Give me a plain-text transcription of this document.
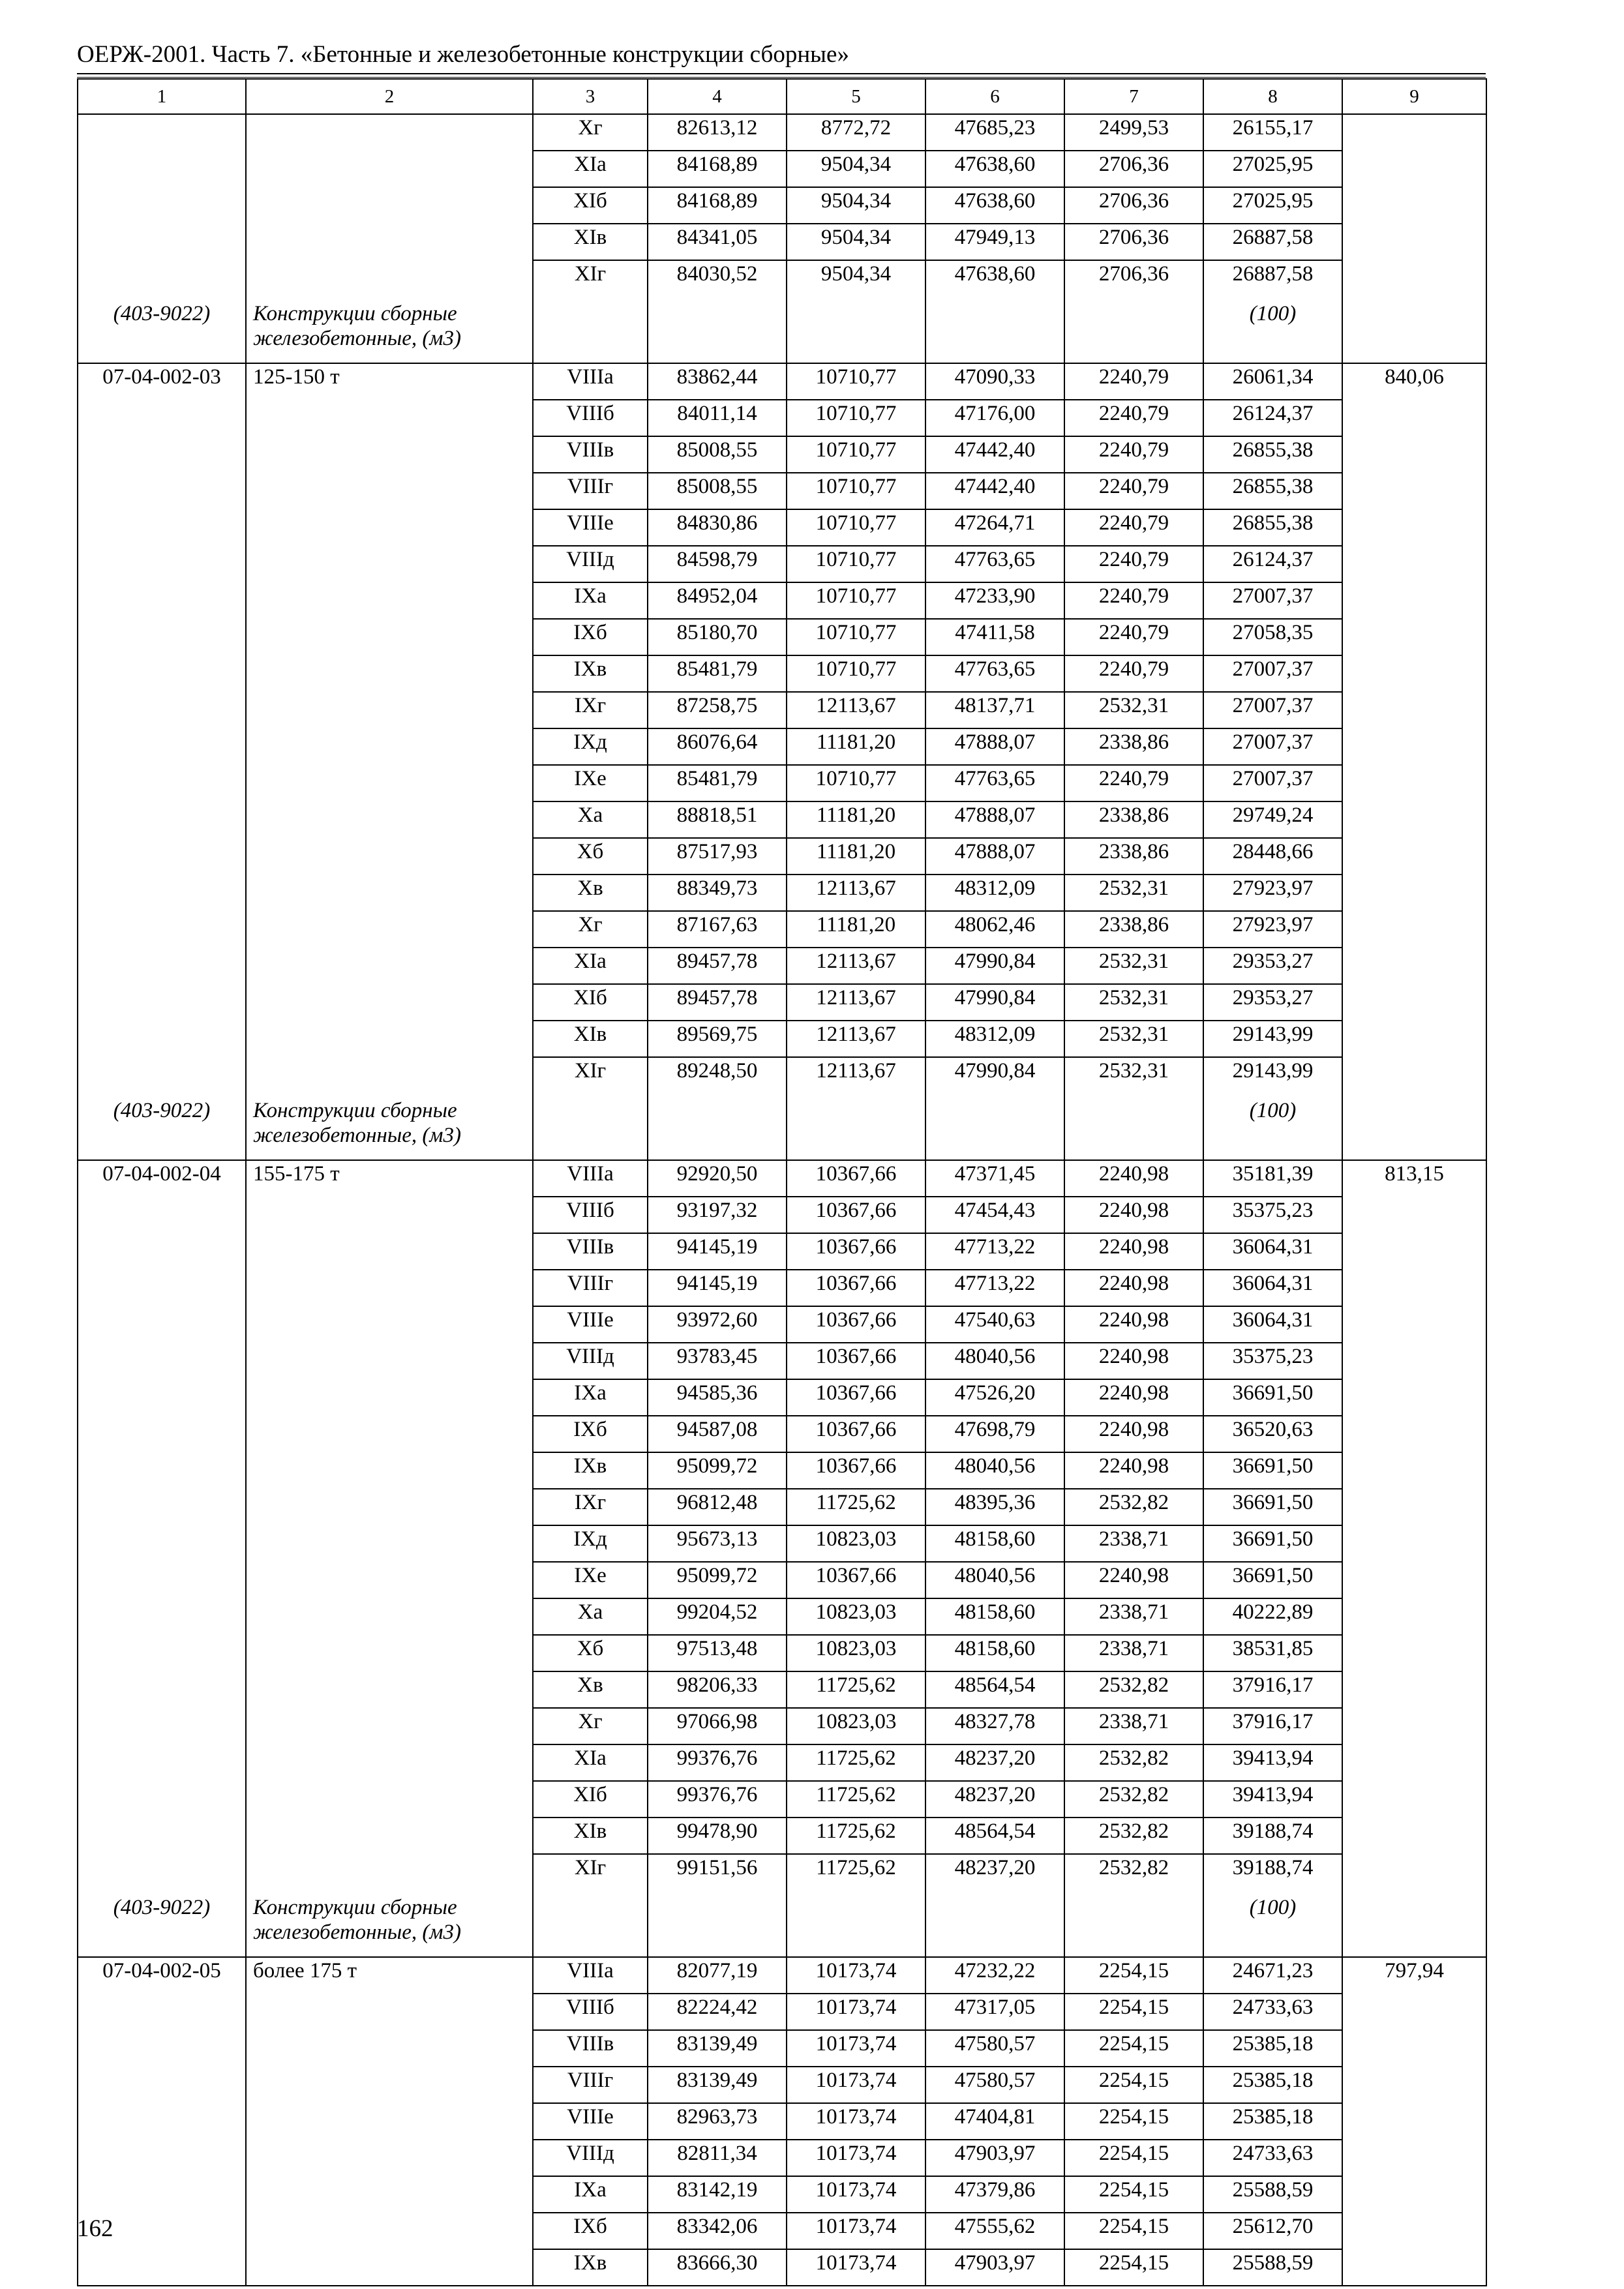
ОЕРЖ-2001. Часть 7. «Бетонные и железобетонные конструкции сборные»
1	2	3	4	5	6	7	8	9
		Xг	82613,12	8772,72	47685,23	2499,53	26155,17	
		XIa	84168,89	9504,34	47638,60	2706,36	27025,95	
		XIб	84168,89	9504,34	47638,60	2706,36	27025,95	
		XIв	84341,05	9504,34	47949,13	2706,36	26887,58	
		XIг	84030,52	9504,34	47638,60	2706,36	26887,58	
(403-9022)	Конструкции сборные
железобетонные, (м3)						(100)	
07-04-002-03	125-150 т	VIIIa	83862,44	10710,77	47090,33	2240,79	26061,34	840,06
		VIIIб	84011,14	10710,77	47176,00	2240,79	26124,37	
		VIIIв	85008,55	10710,77	47442,40	2240,79	26855,38	
		VIIIг	85008,55	10710,77	47442,40	2240,79	26855,38	
		VIIIe	84830,86	10710,77	47264,71	2240,79	26855,38	
		VIIIд	84598,79	10710,77	47763,65	2240,79	26124,37	
		IXa	84952,04	10710,77	47233,90	2240,79	27007,37	
		IXб	85180,70	10710,77	47411,58	2240,79	27058,35	
		IXв	85481,79	10710,77	47763,65	2240,79	27007,37	
		IXг	87258,75	12113,67	48137,71	2532,31	27007,37	
		IXд	86076,64	11181,20	47888,07	2338,86	27007,37	
		IXe	85481,79	10710,77	47763,65	2240,79	27007,37	
		Xa	88818,51	11181,20	47888,07	2338,86	29749,24	
		Xб	87517,93	11181,20	47888,07	2338,86	28448,66	
		Xв	88349,73	12113,67	48312,09	2532,31	27923,97	
		Xг	87167,63	11181,20	48062,46	2338,86	27923,97	
		XIa	89457,78	12113,67	47990,84	2532,31	29353,27	
		XIб	89457,78	12113,67	47990,84	2532,31	29353,27	
		XIв	89569,75	12113,67	48312,09	2532,31	29143,99	
		XIг	89248,50	12113,67	47990,84	2532,31	29143,99	
(403-9022)	Конструкции сборные
железобетонные, (м3)						(100)	
07-04-002-04	155-175 т	VIIIa	92920,50	10367,66	47371,45	2240,98	35181,39	813,15
		VIIIб	93197,32	10367,66	47454,43	2240,98	35375,23	
		VIIIв	94145,19	10367,66	47713,22	2240,98	36064,31	
		VIIIг	94145,19	10367,66	47713,22	2240,98	36064,31	
		VIIIe	93972,60	10367,66	47540,63	2240,98	36064,31	
		VIIIд	93783,45	10367,66	48040,56	2240,98	35375,23	
		IXa	94585,36	10367,66	47526,20	2240,98	36691,50	
		IXб	94587,08	10367,66	47698,79	2240,98	36520,63	
		IXв	95099,72	10367,66	48040,56	2240,98	36691,50	
		IXг	96812,48	11725,62	48395,36	2532,82	36691,50	
		IXд	95673,13	10823,03	48158,60	2338,71	36691,50	
		IXe	95099,72	10367,66	48040,56	2240,98	36691,50	
		Xa	99204,52	10823,03	48158,60	2338,71	40222,89	
		Xб	97513,48	10823,03	48158,60	2338,71	38531,85	
		Xв	98206,33	11725,62	48564,54	2532,82	37916,17	
		Xг	97066,98	10823,03	48327,78	2338,71	37916,17	
		XIa	99376,76	11725,62	48237,20	2532,82	39413,94	
		XIб	99376,76	11725,62	48237,20	2532,82	39413,94	
		XIв	99478,90	11725,62	48564,54	2532,82	39188,74	
		XIг	99151,56	11725,62	48237,20	2532,82	39188,74	
(403-9022)	Конструкции сборные
железобетонные, (м3)						(100)	
07-04-002-05	более 175 т	VIIIa	82077,19	10173,74	47232,22	2254,15	24671,23	797,94
		VIIIб	82224,42	10173,74	47317,05	2254,15	24733,63	
		VIIIв	83139,49	10173,74	47580,57	2254,15	25385,18	
		VIIIг	83139,49	10173,74	47580,57	2254,15	25385,18	
		VIIIe	82963,73	10173,74	47404,81	2254,15	25385,18	
		VIIIд	82811,34	10173,74	47903,97	2254,15	24733,63	
		IXa	83142,19	10173,74	47379,86	2254,15	25588,59	
		IXб	83342,06	10173,74	47555,62	2254,15	25612,70	
		IXв	83666,30	10173,74	47903,97	2254,15	25588,59	
162
